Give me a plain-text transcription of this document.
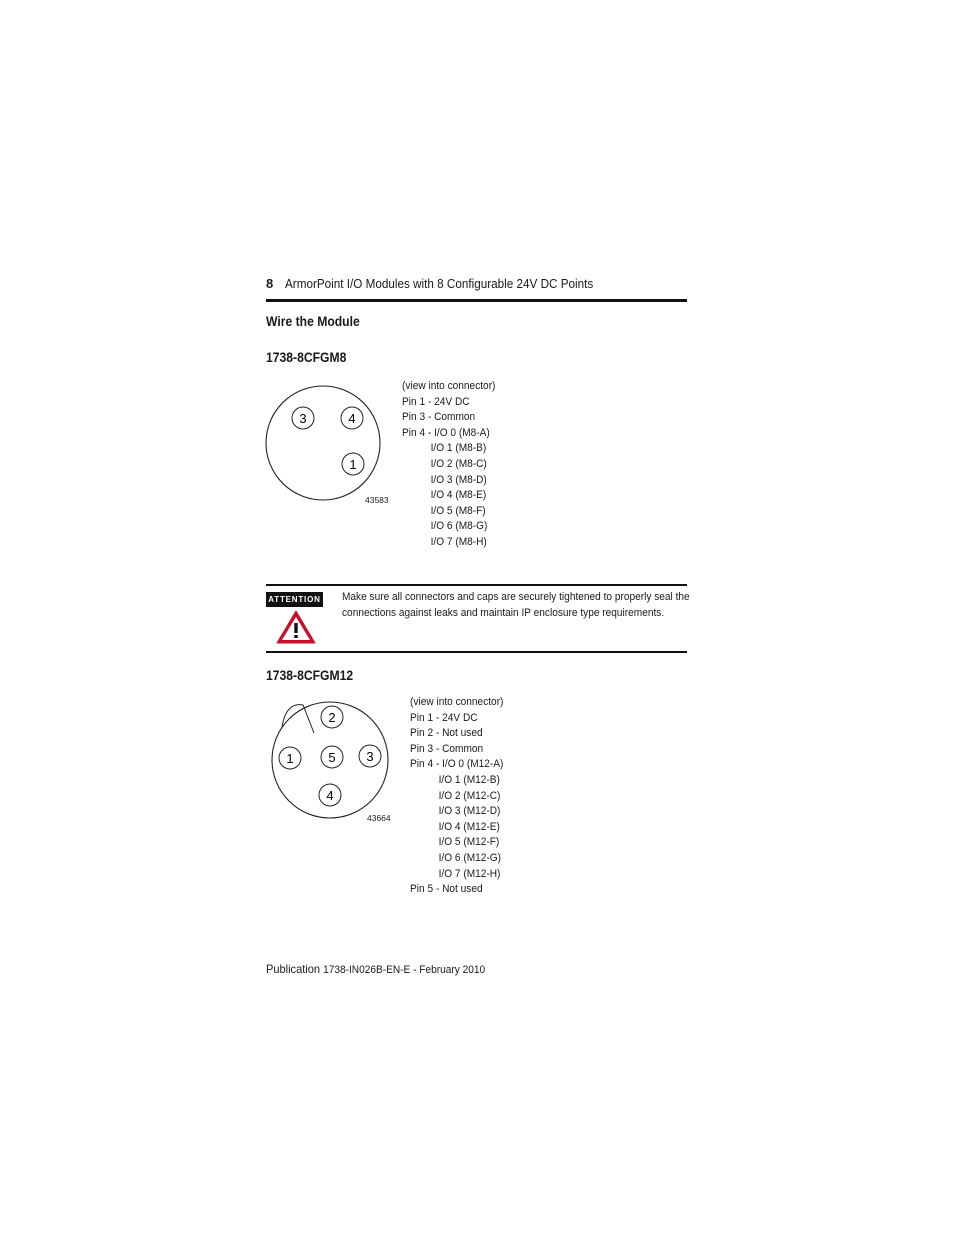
8 ArmorPoint I/O Modules with 8 Configurable 24V DC Points
Wire the Module
1738-8CFGM8
3	4
1
43583
(view into connector)
Pin 1 - 24V DC
Pin 3 - Common
Pin 4 - I/O 0 (M8-A)
I/O 1 (M8-B)
I/O 2 (M8-C)
I/O 3 (M8-D)
I/O 4 (M8-E)
I/O 5 (M8-F)
I/O 6 (M8-G)
I/O 7 (M8-H)
ATTENTION Make sure all connectors and caps are securely tightened to properly seal the connections against leaks and maintain IP enclosure type requirements.
1738-8CFGM12
2
1	5 3
4
43664
(view into connector)
Pin 1 - 24V DC
Pin 2 - Not used
Pin 3 - Common
Pin 4 - I/O 0 (M12-A)
I/O 1 (M12-B)
I/O 2 (M12-C)
I/O 3 (M12-D)
I/O 4 (M12-E)
I/O 5 (M12-F)
I/O 6 (M12-G)
I/O 7 (M12-H)
Pin 5 - Not used
Publication 1738-IN026B-EN-E - February 2010
